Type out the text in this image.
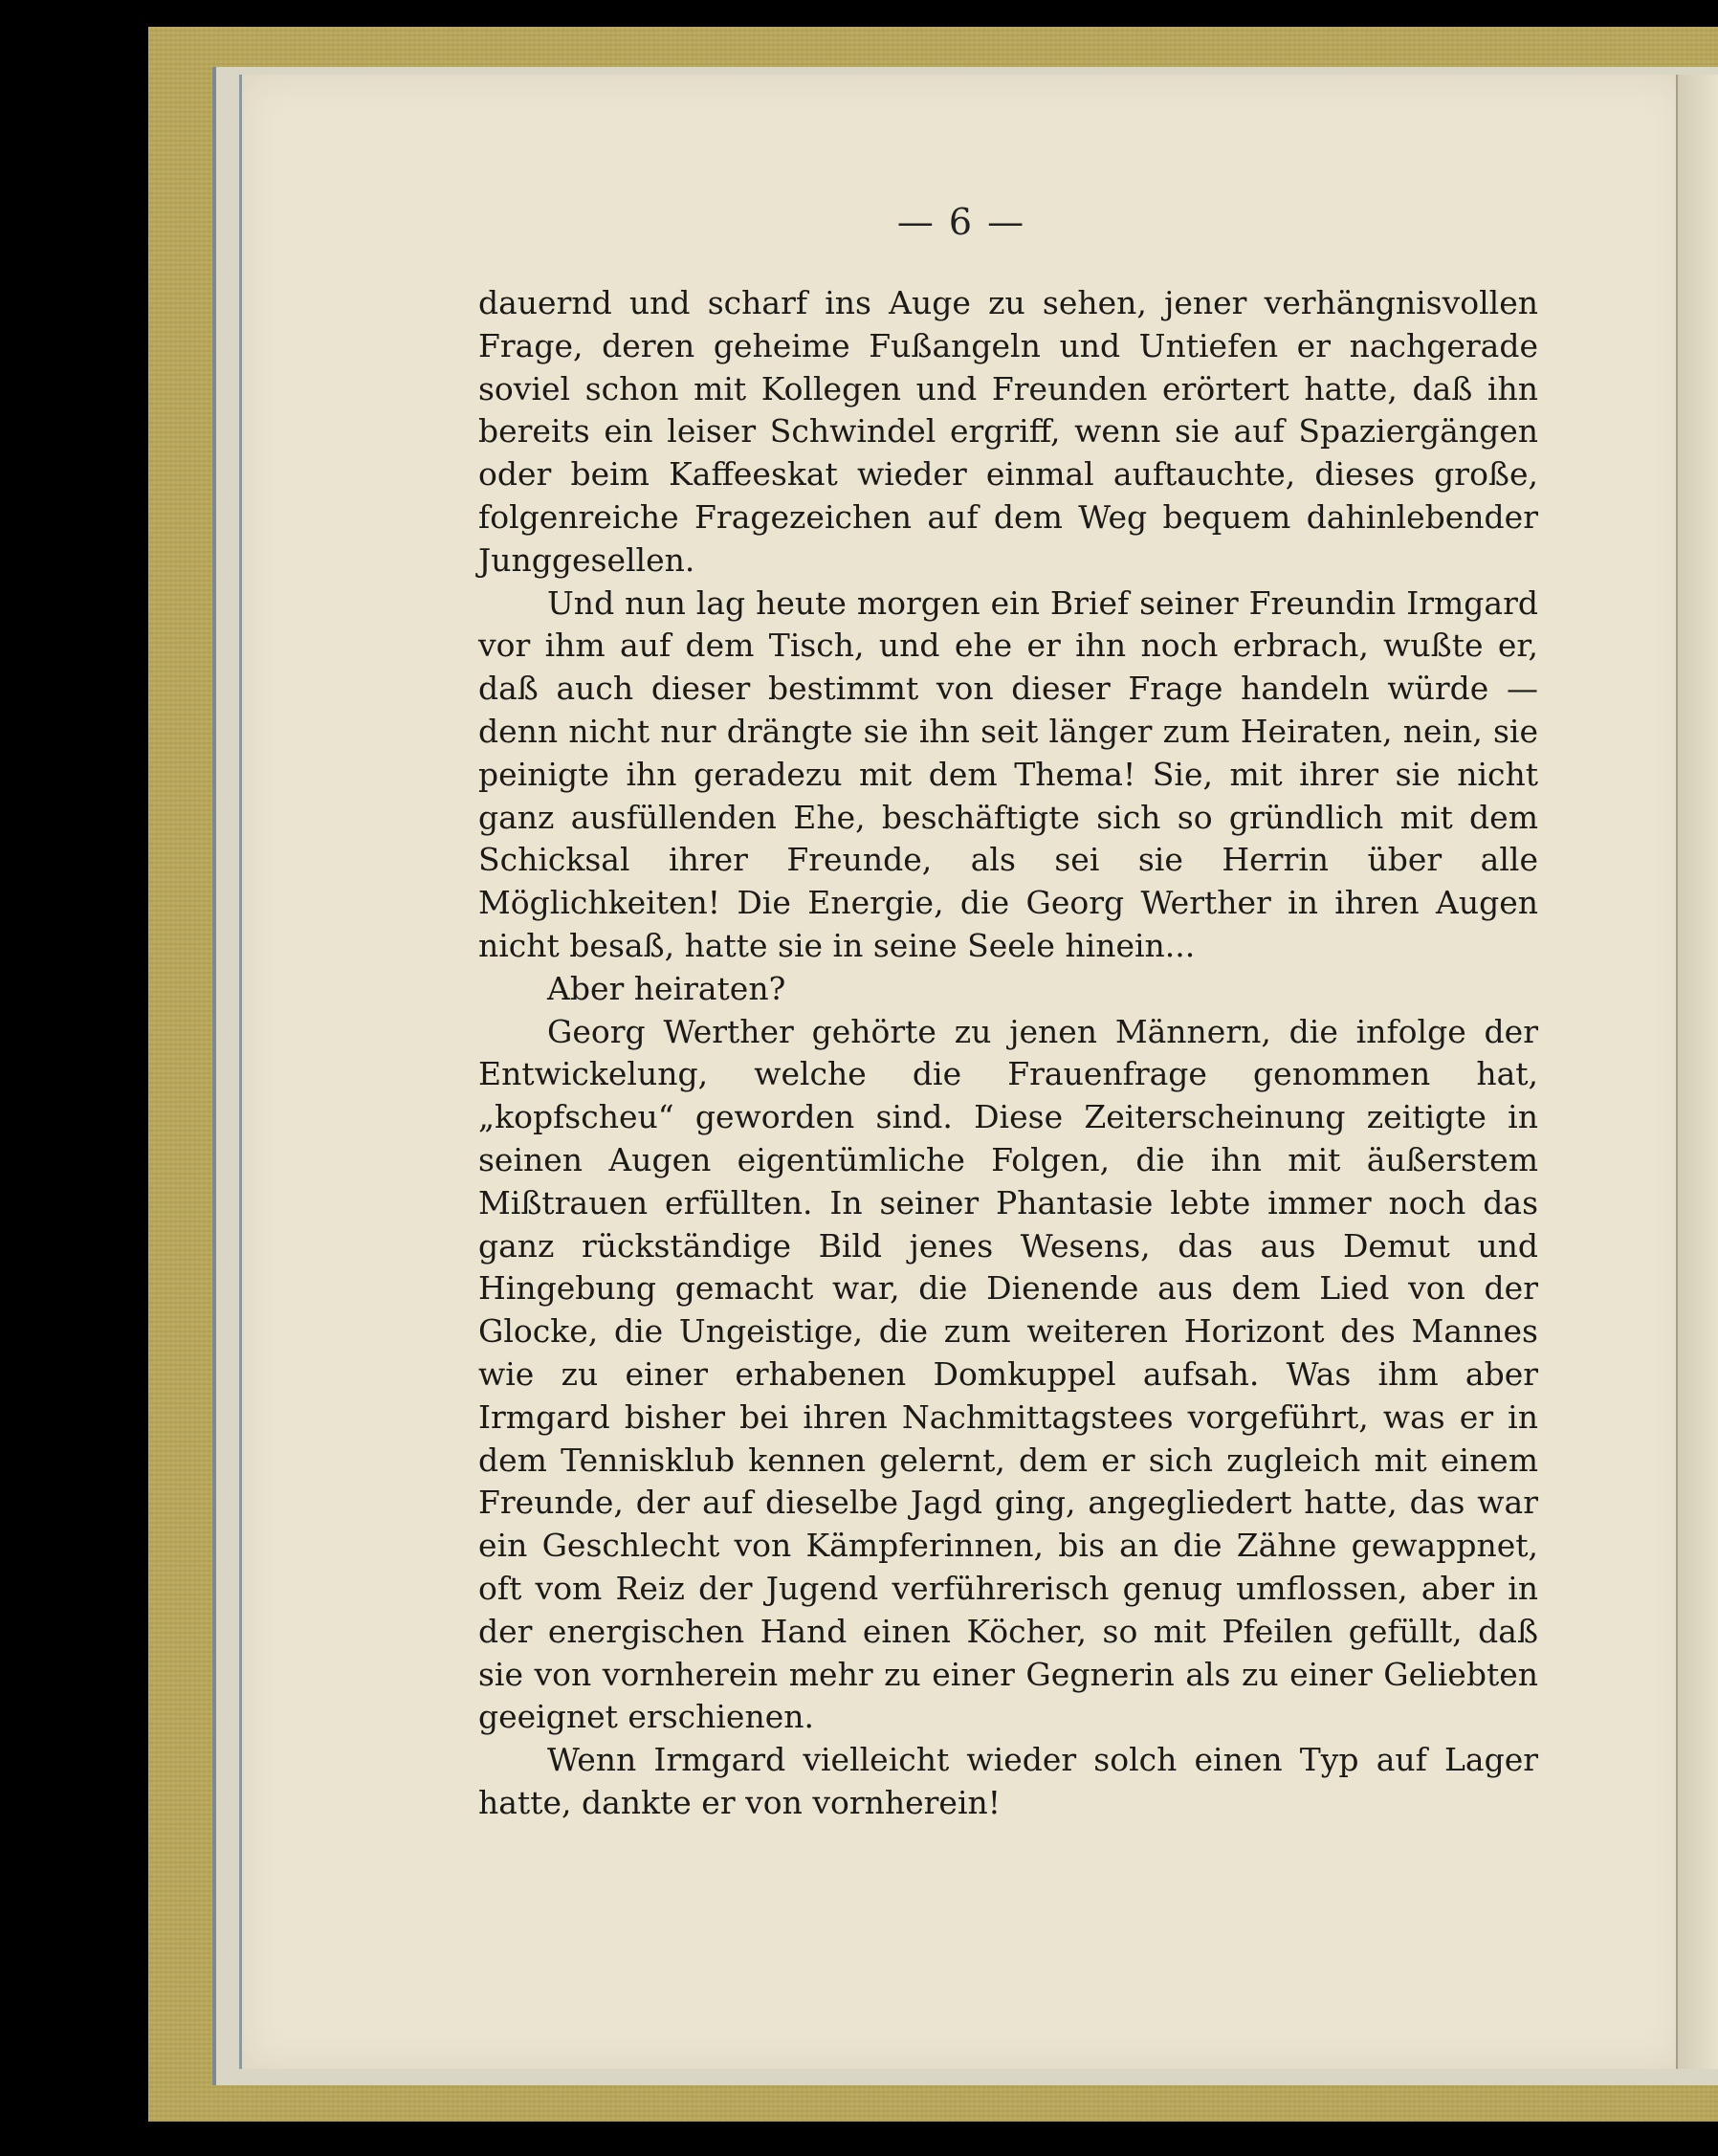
— 6 —

dauernd und scharf ins Auge zu sehen, jener verhängnisvollen Frage, deren geheime Fußangeln und Untiefen er nachgerade soviel schon mit Kollegen und Freunden erörtert hatte, daß ihn bereits ein leiser Schwindel ergriff, wenn sie auf Spaziergängen oder beim Kaffeeskat wieder einmal auftauchte, dieses große, folgenreiche Fragezeichen auf dem Weg bequem dahinlebender Junggesellen.

Und nun lag heute morgen ein Brief seiner Freundin Irmgard vor ihm auf dem Tisch, und ehe er ihn noch erbrach, wußte er, daß auch dieser bestimmt von dieser Frage handeln würde — denn nicht nur drängte sie ihn seit länger zum Heiraten, nein, sie peinigte ihn geradezu mit dem Thema! Sie, mit ihrer sie nicht ganz ausfüllenden Ehe, beschäftigte sich so gründlich mit dem Schicksal ihrer Freunde, als sei sie Herrin über alle Möglichkeiten! Die Energie, die Georg Werther in ihren Augen nicht besaß, hatte sie in seine Seele hinein...

Aber heiraten?

Georg Werther gehörte zu jenen Männern, die infolge der Entwickelung, welche die Frauenfrage genommen hat, „kopfscheu“ geworden sind. Diese Zeiterscheinung zeitigte in seinen Augen eigentümliche Folgen, die ihn mit äußerstem Mißtrauen erfüllten. In seiner Phantasie lebte immer noch das ganz rückständige Bild jenes Wesens, das aus Demut und Hingebung gemacht war, die Dienende aus dem Lied von der Glocke, die Ungeistige, die zum weiteren Horizont des Mannes wie zu einer erhabenen Domkuppel aufsah. Was ihm aber Irmgard bisher bei ihren Nachmittagstees vorgeführt, was er in dem Tennisklub kennen gelernt, dem er sich zugleich mit einem Freunde, der auf dieselbe Jagd ging, angegliedert hatte, das war ein Geschlecht von Kämpferinnen, bis an die Zähne gewappnet, oft vom Reiz der Jugend verführerisch genug umflossen, aber in der energischen Hand einen Köcher, so mit Pfeilen gefüllt, daß sie von vornherein mehr zu einer Gegnerin als zu einer Geliebten geeignet erschienen.

Wenn Irmgard vielleicht wieder solch einen Typ auf Lager hatte, dankte er von vornherein!
